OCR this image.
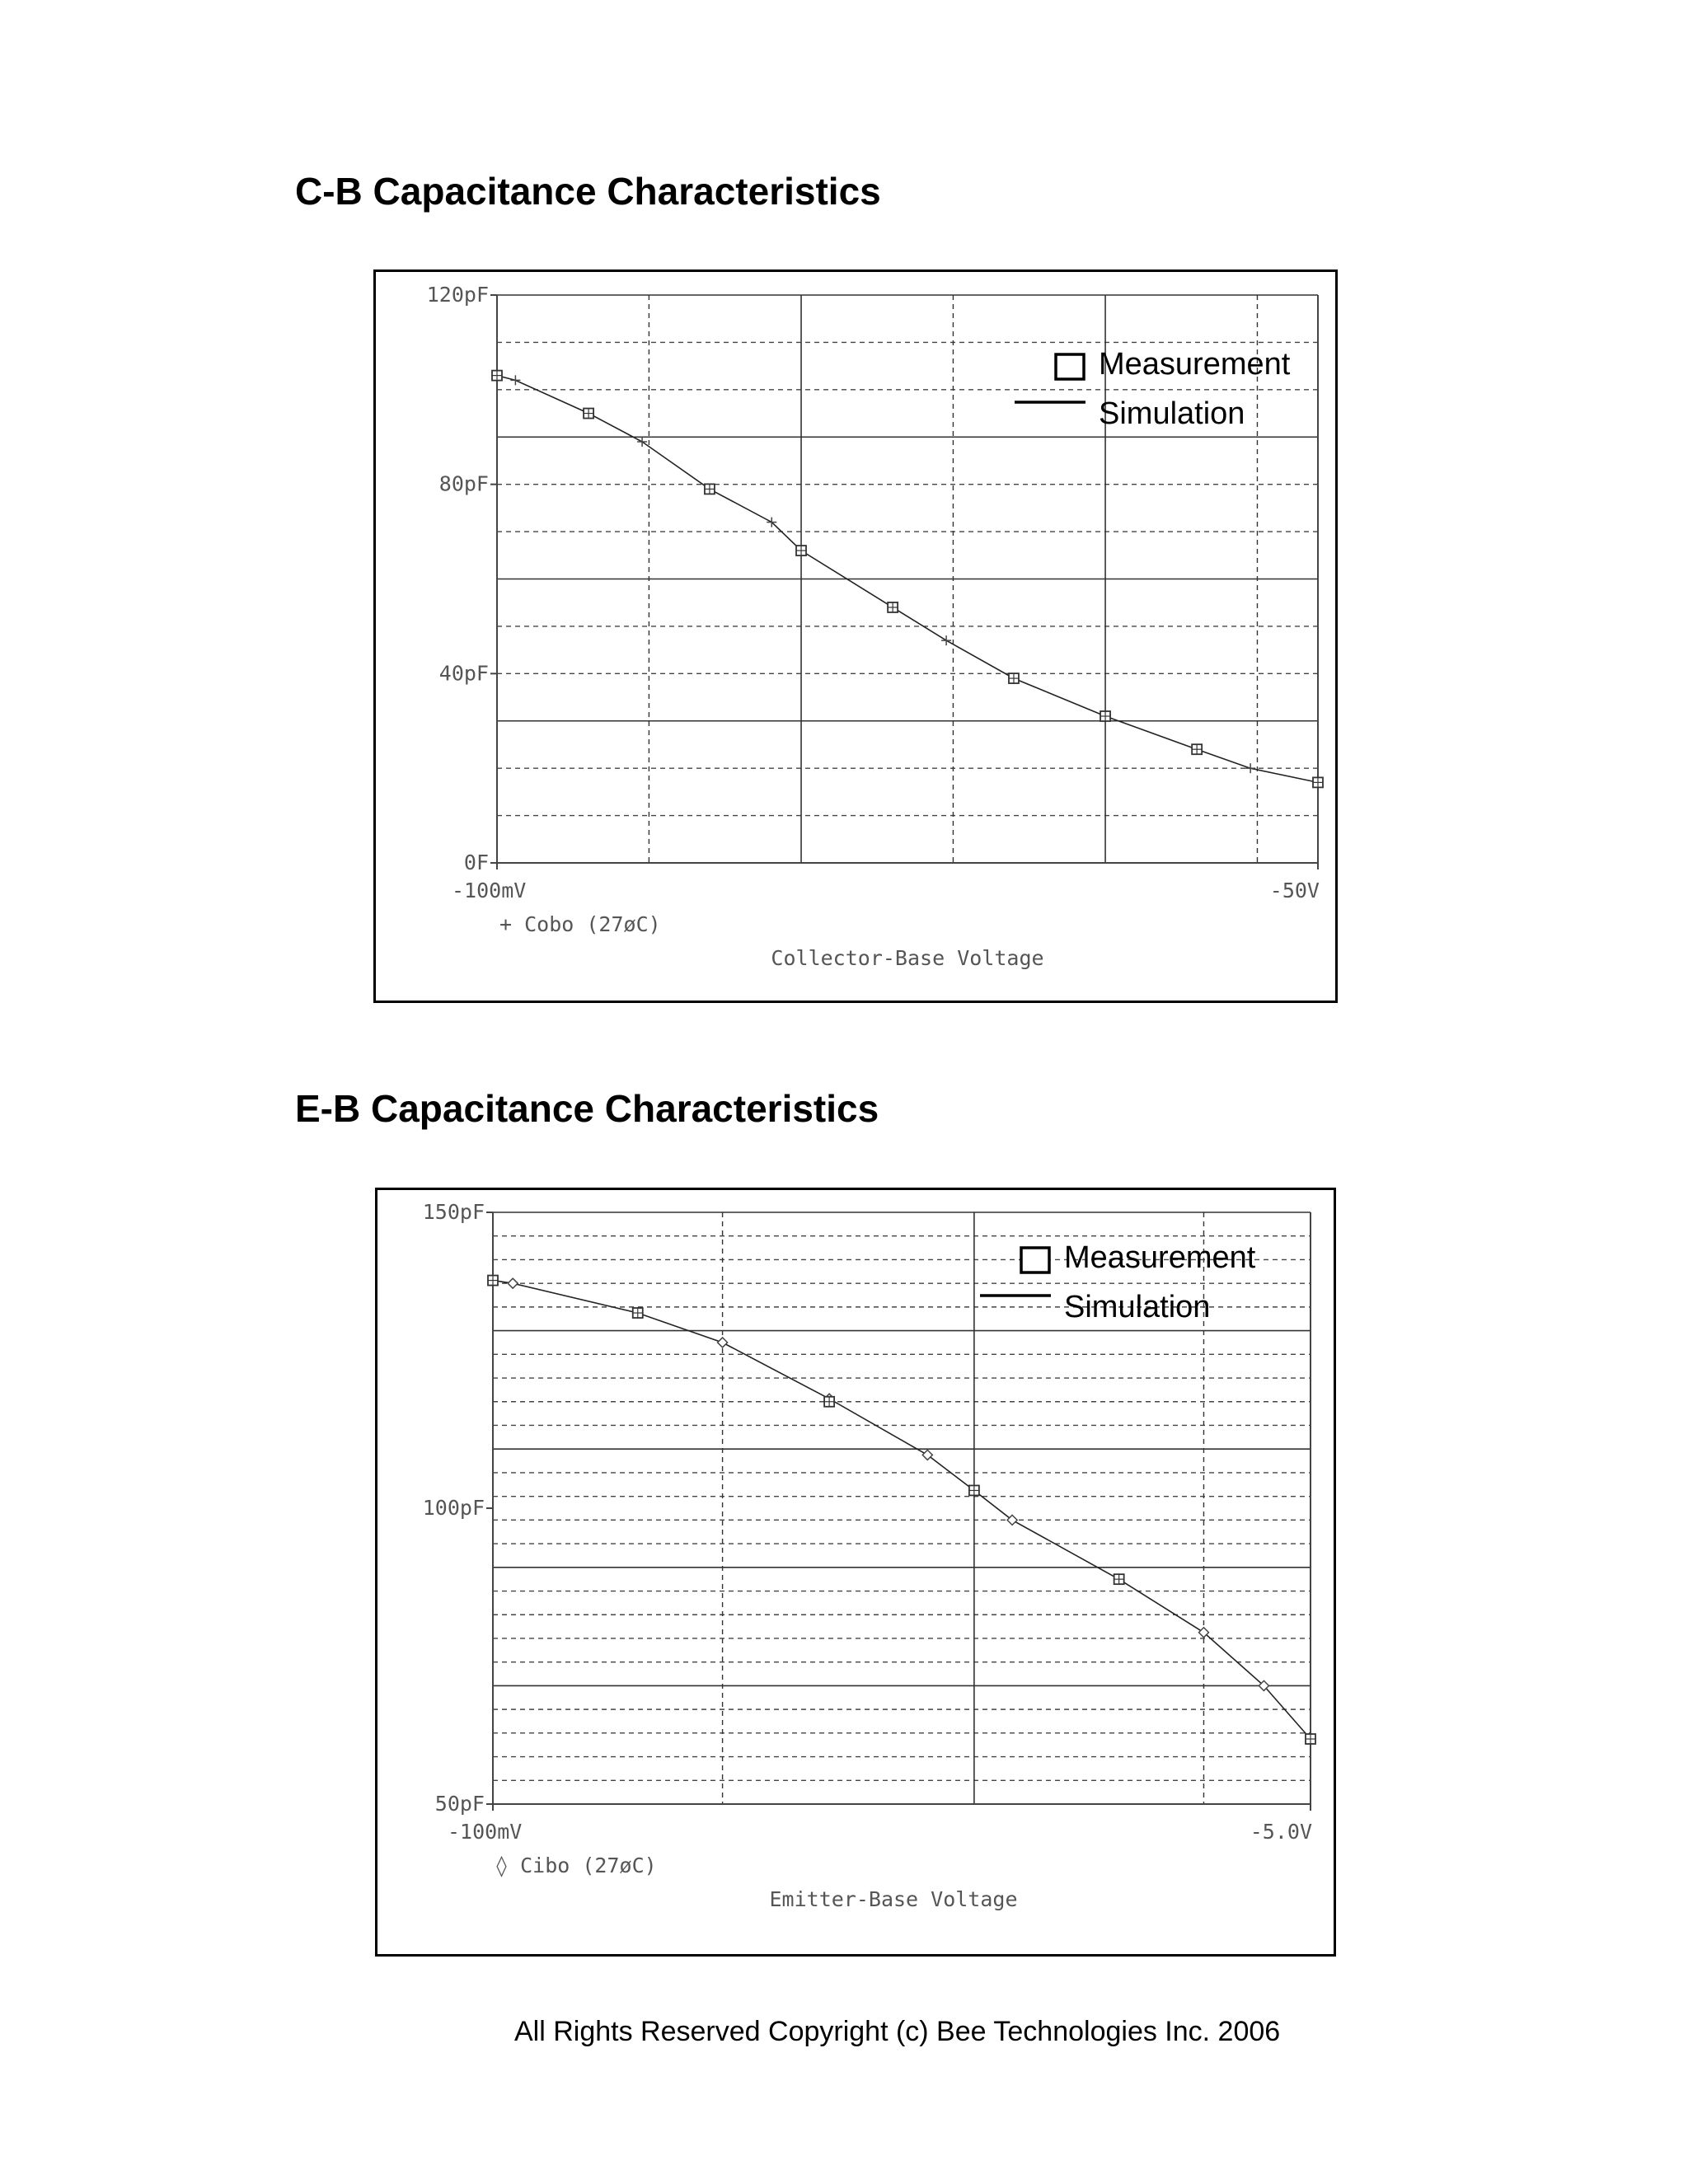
C-B Capacitance Characteristics
120pF
80pF
40pF
0F
-100mV	-50V
+ Cobo (27øC)
Collector-Base Voltage
Measurement
Simulation
E-B Capacitance Characteristics
150pF
100pF
50pF
-100mV	-5.0V
◊ Cibo (27øC)
Emitter-Base Voltage
Measurement
Simulation
All Rights Reserved Copyright (c) Bee Technologies Inc. 2006
